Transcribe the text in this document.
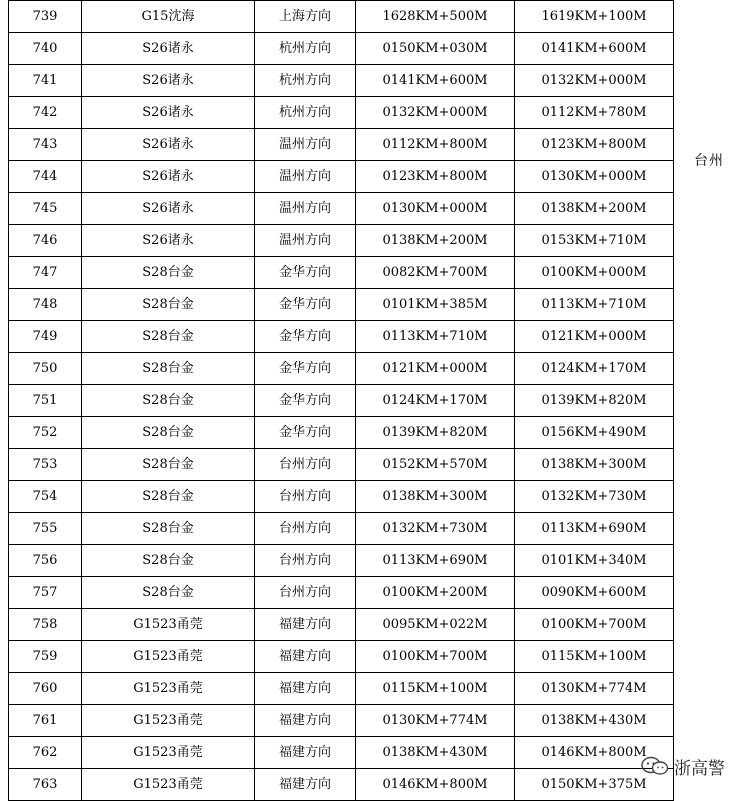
739	G15沈海	上海方向	1628KM+500M	1619KM+100M
740	S26诸永	杭州方向	0150KM+030M	0141KM+600M
741	S26诸永	杭州方向	0141KM+600M	0132KM+000M
742	S26诸永	杭州方向	0132KM+000M	0112KM+780M
743	S26诸永	温州方向	0112KM+800M	0123KM+800M
744	S26诸永	温州方向	0123KM+800M	0130KM+000M
745	S26诸永	温州方向	0130KM+000M	0138KM+200M
746	S26诸永	温州方向	0138KM+200M	0153KM+710M
747	S28台金	金华方向	0082KM+700M	0100KM+000M
748	S28台金	金华方向	0101KM+385M	0113KM+710M
749	S28台金	金华方向	0113KM+710M	0121KM+000M
750	S28台金	金华方向	0121KM+000M	0124KM+170M
751	S28台金	金华方向	0124KM+170M	0139KM+820M
752	S28台金	金华方向	0139KM+820M	0156KM+490M
753	S28台金	台州方向	0152KM+570M	0138KM+300M
754	S28台金	台州方向	0138KM+300M	0132KM+730M
755	S28台金	台州方向	0132KM+730M	0113KM+690M
756	S28台金	台州方向	0113KM+690M	0101KM+340M
757	S28台金	台州方向	0100KM+200M	0090KM+600M
758	G1523甬莞	福建方向	0095KM+022M	0100KM+700M
759	G1523甬莞	福建方向	0100KM+700M	0115KM+100M
760	G1523甬莞	福建方向	0115KM+100M	0130KM+774M
761	G1523甬莞	福建方向	0130KM+774M	0138KM+430M
762	G1523甬莞	福建方向	0138KM+430M	0146KM+800M
763	G1523甬莞	福建方向	0146KM+800M	0150KM+375M
台州
浙高警
